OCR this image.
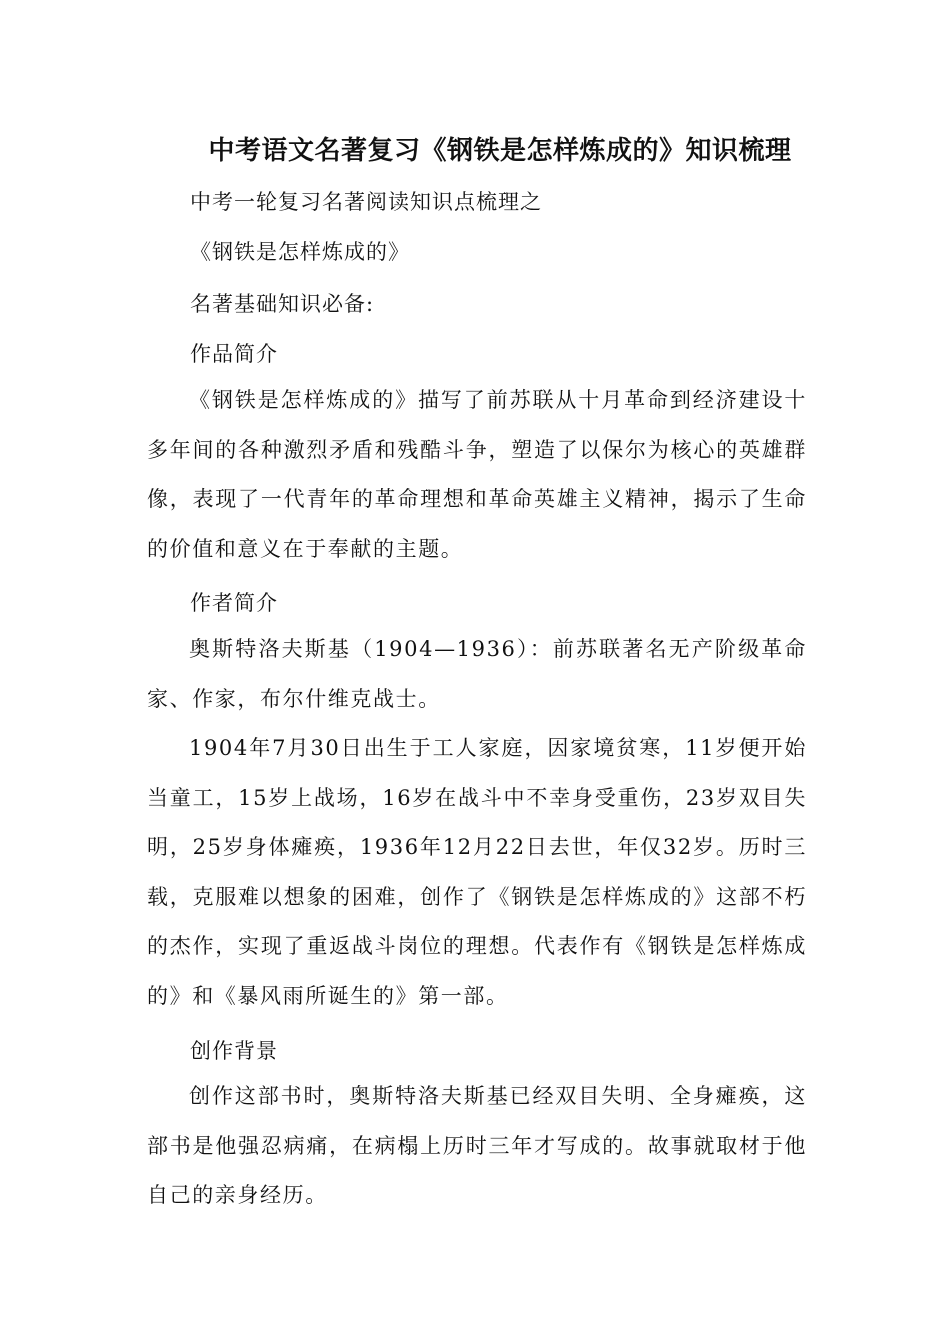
中考语文名著复习《钢铁是怎样炼成的》知识梳理

中考一轮复习名著阅读知识点梳理之

《钢铁是怎样炼成的》

名著基础知识必备:

作品简介

《钢铁是怎样炼成的》描写了前苏联从十月革命到经济建设十多年间的各种激烈矛盾和残酷斗争，塑造了以保尔为核心的英雄群像，表现了一代青年的革命理想和革命英雄主义精神，揭示了生命的价值和意义在于奉献的主题。

作者简介

奥斯特洛夫斯基（1904—1936）：前苏联著名无产阶级革命家、作家，布尔什维克战士。

1904年7月30日出生于工人家庭，因家境贫寒，11岁便开始当童工，15岁上战场，16岁在战斗中不幸身受重伤，23岁双目失明，25岁身体瘫痪，1936年12月22日去世，年仅32岁。历时三载，克服难以想象的困难，创作了《钢铁是怎样炼成的》这部不朽的杰作，实现了重返战斗岗位的理想。代表作有《钢铁是怎样炼成的》和《暴风雨所诞生的》第一部。

创作背景

创作这部书时，奥斯特洛夫斯基已经双目失明、全身瘫痪，这部书是他强忍病痛，在病榻上历时三年才写成的。故事就取材于他自己的亲身经历。
